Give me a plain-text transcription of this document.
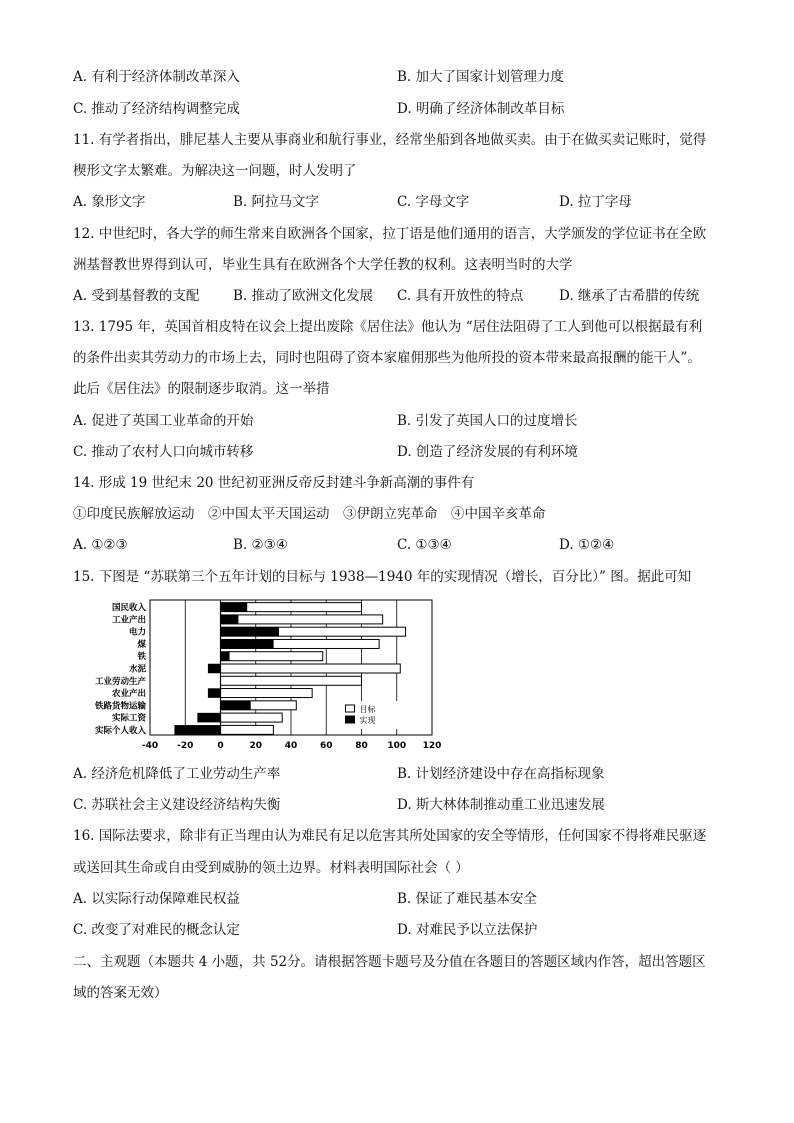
A. 有利于经济体制改革深入	B. 加大了国家计划管理力度
C. 推动了经济结构调整完成	D. 明确了经济体制改革目标
11. 有学者指出，腓尼基人主要从事商业和航行事业，经常坐船到各地做买卖。由于在做买卖记账时，觉得
楔形文字太繁难。为解决这一问题，时人发明了
A. 象形文字	B. 阿拉马文字	C. 字母文字	D. 拉丁字母
12. 中世纪时，各大学的师生常来自欧洲各个国家，拉丁语是他们通用的语言，大学颁发的学位证书在全欧
洲基督教世界得到认可，毕业生具有在欧洲各个大学任教的权利。这表明当时的大学
A. 受到基督教的支配 B. 推动了欧洲文化发展 C. 具有开放性的特点	D. 继承了古希腊的传统
13. 1795 年，英国首相皮特在议会上提出废除《居住法》他认为 “居住法阻碍了工人到他可以根据最有利
的条件出卖其劳动力的市场上去，同时也阻碍了资本家雇佣那些为他所投的资本带来最高报酬的能干人”。
此后《居住法》的限制逐步取消。这一举措
A. 促进了英国工业革命的开始	B. 引发了英国人口的过度增长
C. 推动了农村人口向城市转移	D. 创造了经济发展的有利环境
14. 形成 19 世纪末 20 世纪初亚洲反帝反封建斗争新高潮的事件有
①印度民族解放运动　②中国太平天国运动　③伊朗立宪革命　④中国辛亥革命
A. ①②③	B. ②③④	C. ①③④	D. ①②④
15. 下图是 “苏联第三个五年计划的目标与 1938—1940 年的实现情况（增长，百分比）” 图。据此可知
国民收入
工业产出
电力
煤
铁
水泥
工业劳动生产
农业产出
铁路货物运输
实际工资
实际个人收入
-40 -20	0	20	40	60	80 100 120
目标
实现
A. 经济危机降低了工业劳动生产率	B. 计划经济建设中存在高指标现象
C. 苏联社会主义建设经济结构失衡	D. 斯大林体制推动重工业迅速发展
16. 国际法要求，除非有正当理由认为难民有足以危害其所处国家的安全等情形，任何国家不得将难民驱逐
或送回其生命或自由受到威胁的领土边界。材料表明国际社会（ ）
A. 以实际行动保障难民权益	B. 保证了难民基本安全
C. 改变了对难民的概念认定	D. 对难民予以立法保护
二、主观题（本题共 4 小题，共 52分。请根据答题卡题号及分值在各题目的答题区域内作答，超出答题区
域的答案无效）
